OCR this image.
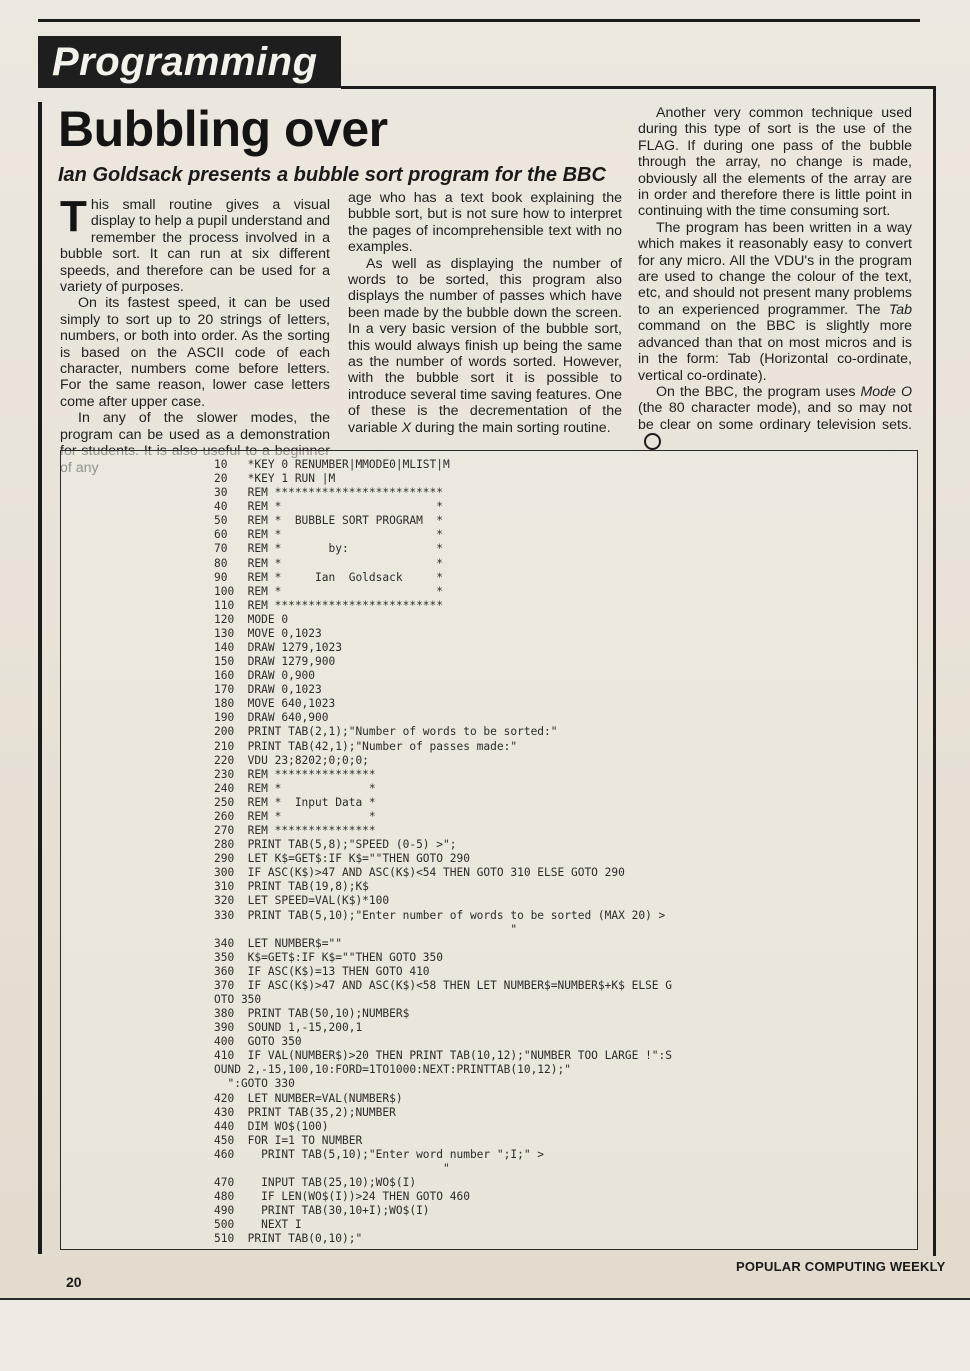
Programming
Bubbling over
Ian Goldsack presents a bubble sort program for the BBC

This small routine gives a visual display to help a pupil understand and remember the process involved in a bubble sort. It can run at six different speeds, and therefore can be used for a variety of purposes.

On its fastest speed, it can be used simply to sort up to 20 strings of letters, numbers, or both into order. As the sorting is based on the ASCII code of each character, numbers come before letters. For the same reason, lower case letters come after upper case.

In any of the slower modes, the program can be used as a demonstration

age who has a text book explaining the bubble sort, but is not sure how to interpret the pages of incomprehensible text with no examples.

As well as displaying the number of words to be sorted, this program also displays the number of passes which have been made by the bubble down the screen. In a very basic version of the bubble sort, this would always finish up being the same as the number of words sorted. However, with the bubble sort it is possible to introduce several time saving features. One of these is the decrementation of the variable X during the main sorting routine.

Another very common technique used during this type of sort is the use of the FLAG. If during one pass of the bubble through the array, no change is made, obviously all the elements of the array are in order and therefore there is little point in continuing with the time consuming sort.

The program has been written in a way which makes it reasonably easy to convert for any micro. All the VDU's in the program are used to change the colour of the text, etc, and should not present many problems to an experienced programmer. The Tab command on the BBC is slightly more advanced than that on most micros and is in the form: Tab (Horizontal co-ordinate, vertical co-ordinate).

On the BBC, the program uses Mode O (the 80 character mode), and so may not be clear on some ordinary television sets.

10   *KEY 0 RENUMBER|MMODE0|MLIST|M
20   *KEY 1 RUN |M
30   REM *************************
40   REM *                       *
50   REM *  BUBBLE SORT PROGRAM  *
60   REM *                       *
70   REM *       by:             *
80   REM *                       *
90   REM *     Ian  Goldsack     *
100  REM *                       *
110  REM *************************
120  MODE 0
130  MOVE 0,1023
140  DRAW 1279,1023
150  DRAW 1279,900
160  DRAW 0,900
170  DRAW 0,1023
180  MOVE 640,1023
190  DRAW 640,900
200  PRINT TAB(2,1);"Number of words to be sorted:"
210  PRINT TAB(42,1);"Number of passes made:"
220  VDU 23;8202;0;0;0;
230  REM ***************
240  REM *             *
250  REM *  Input Data *
260  REM *             *
270  REM ***************
280  PRINT TAB(5,8);"SPEED (0-5) >";
290  LET K$=GET$:IF K$=""THEN GOTO 290
300  IF ASC(K$)>47 AND ASC(K$)<54 THEN GOTO 310 ELSE GOTO 290
310  PRINT TAB(19,8);K$
320  LET SPEED=VAL(K$)*100
330  PRINT TAB(5,10);"Enter number of words to be sorted (MAX 20) >
"
340  LET NUMBER$=""
350  K$=GET$:IF K$=""THEN GOTO 350
360  IF ASC(K$)=13 THEN GOTO 410
370  IF ASC(K$)>47 AND ASC(K$)<58 THEN LET NUMBER$=NUMBER$+K$ ELSE G
OTO 350
380  PRINT TAB(50,10);NUMBER$
390  SOUND 1,-15,200,1
400  GOTO 350
410  IF VAL(NUMBER$)>20 THEN PRINT TAB(10,12);"NUMBER TOO LARGE !":S
OUND 2,-15,100,10:FORD=1TO1000:NEXT:PRINTTAB(10,12);"
":GOTO 330
420  LET NUMBER=VAL(NUMBER$)
430  PRINT TAB(35,2);NUMBER
440  DIM WO$(100)
450  FOR I=1 TO NUMBER
460    PRINT TAB(5,10);"Enter word number ";I;" >
"
470    INPUT TAB(25,10);WO$(I)
480    IF LEN(WO$(I))>24 THEN GOTO 460
490    PRINT TAB(30,10+I);WO$(I)
500    NEXT I
510  PRINT TAB(0,10);"
POPULAR COMPUTING WEEKLY
20
